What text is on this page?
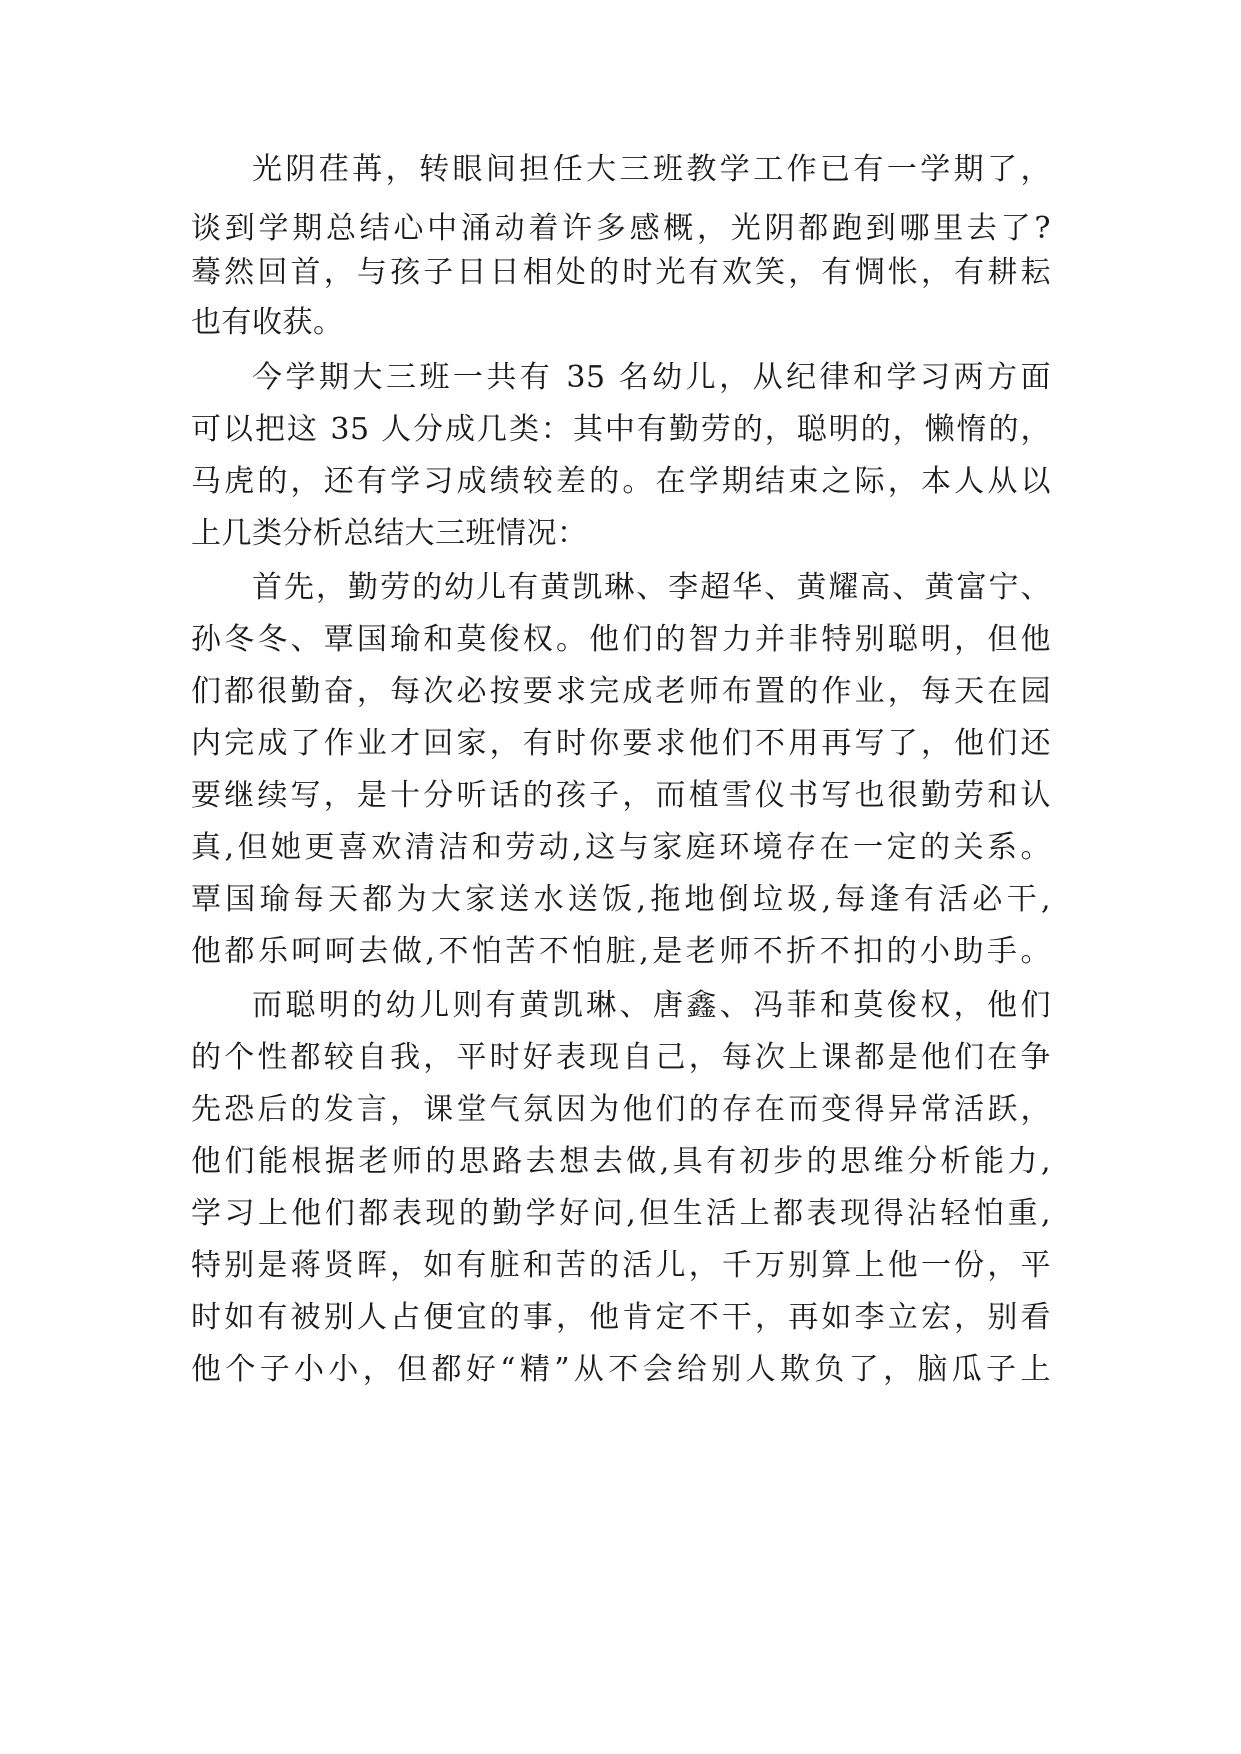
光阴荏苒，转眼间担任大三班教学工作已有一学期了，
谈到学期总结心中涌动着许多感概，光阴都跑到哪里去了?
蓦然回首，与孩子日日相处的时光有欢笑，有惆怅，有耕耘
也有收获。
今学期大三班一共有 35 名幼儿，从纪律和学习两方面
可以把这 35 人分成几类：其中有勤劳的，聪明的，懒惰的，
马虎的，还有学习成绩较差的。在学期结束之际，本人从以
上几类分析总结大三班情况：
首先，勤劳的幼儿有黄凯琳、李超华、黄耀高、黄富宁、
孙冬冬、覃国瑜和莫俊权。他们的智力并非特别聪明，但他
们都很勤奋，每次必按要求完成老师布置的作业，每天在园
内完成了作业才回家，有时你要求他们不用再写了，他们还
要继续写，是十分听话的孩子，而植雪仪书写也很勤劳和认
真,但她更喜欢清洁和劳动,这与家庭环境存在一定的关系。
覃国瑜每天都为大家送水送饭,拖地倒垃圾,每逢有活必干,
他都乐呵呵去做,不怕苦不怕脏,是老师不折不扣的小助手。
而聪明的幼儿则有黄凯琳、唐鑫、冯菲和莫俊权，他们
的个性都较自我，平时好表现自己，每次上课都是他们在争
先恐后的发言，课堂气氛因为他们的存在而变得异常活跃，
他们能根据老师的思路去想去做,具有初步的思维分析能力,
学习上他们都表现的勤学好问,但生活上都表现得沾轻怕重,
特别是蒋贤晖，如有脏和苦的活儿，千万别算上他一份，平
时如有被别人占便宜的事，他肯定不干，再如李立宏，别看
他个子小小，但都好“精”从不会给别人欺负了，脑瓜子上
